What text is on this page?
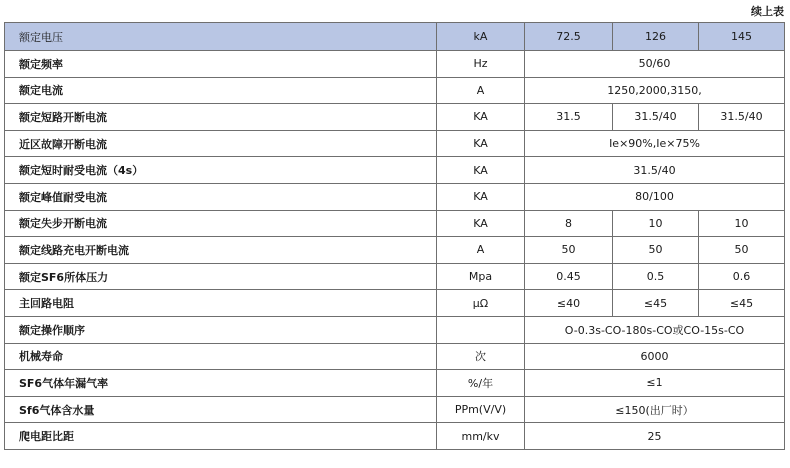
续上表
额定电压	kA	72.5	126	145
额定频率	Hz	50/60		
额定电流	A	1250,2000,3150,		
额定短路开断电流	KA	31.5	31.5/40	31.5/40
近区故障开断电流	KA	Ie×90%,Ie×75%		
额定短时耐受电流（4s）	KA	31.5/40		
额定峰值耐受电流	KA	80/100		
额定失步开断电流	KA	8	10	10
额定线路充电开断电流	A	50	50	50
额定SF6所体压力	Mpa	0.45	0.5	0.6
主回路电阻	μΩ	≤40	≤45	≤45
额定操作顺序		O-0.3s-CO-180s-CO或CO-15s-CO		
机械寿命	次	6000		
SF6气体年漏气率	%/年	≤1		
Sf6气体含水量	PPm(V/V)	≤150(出厂时）		
爬电距比距	mm/kv	25		
